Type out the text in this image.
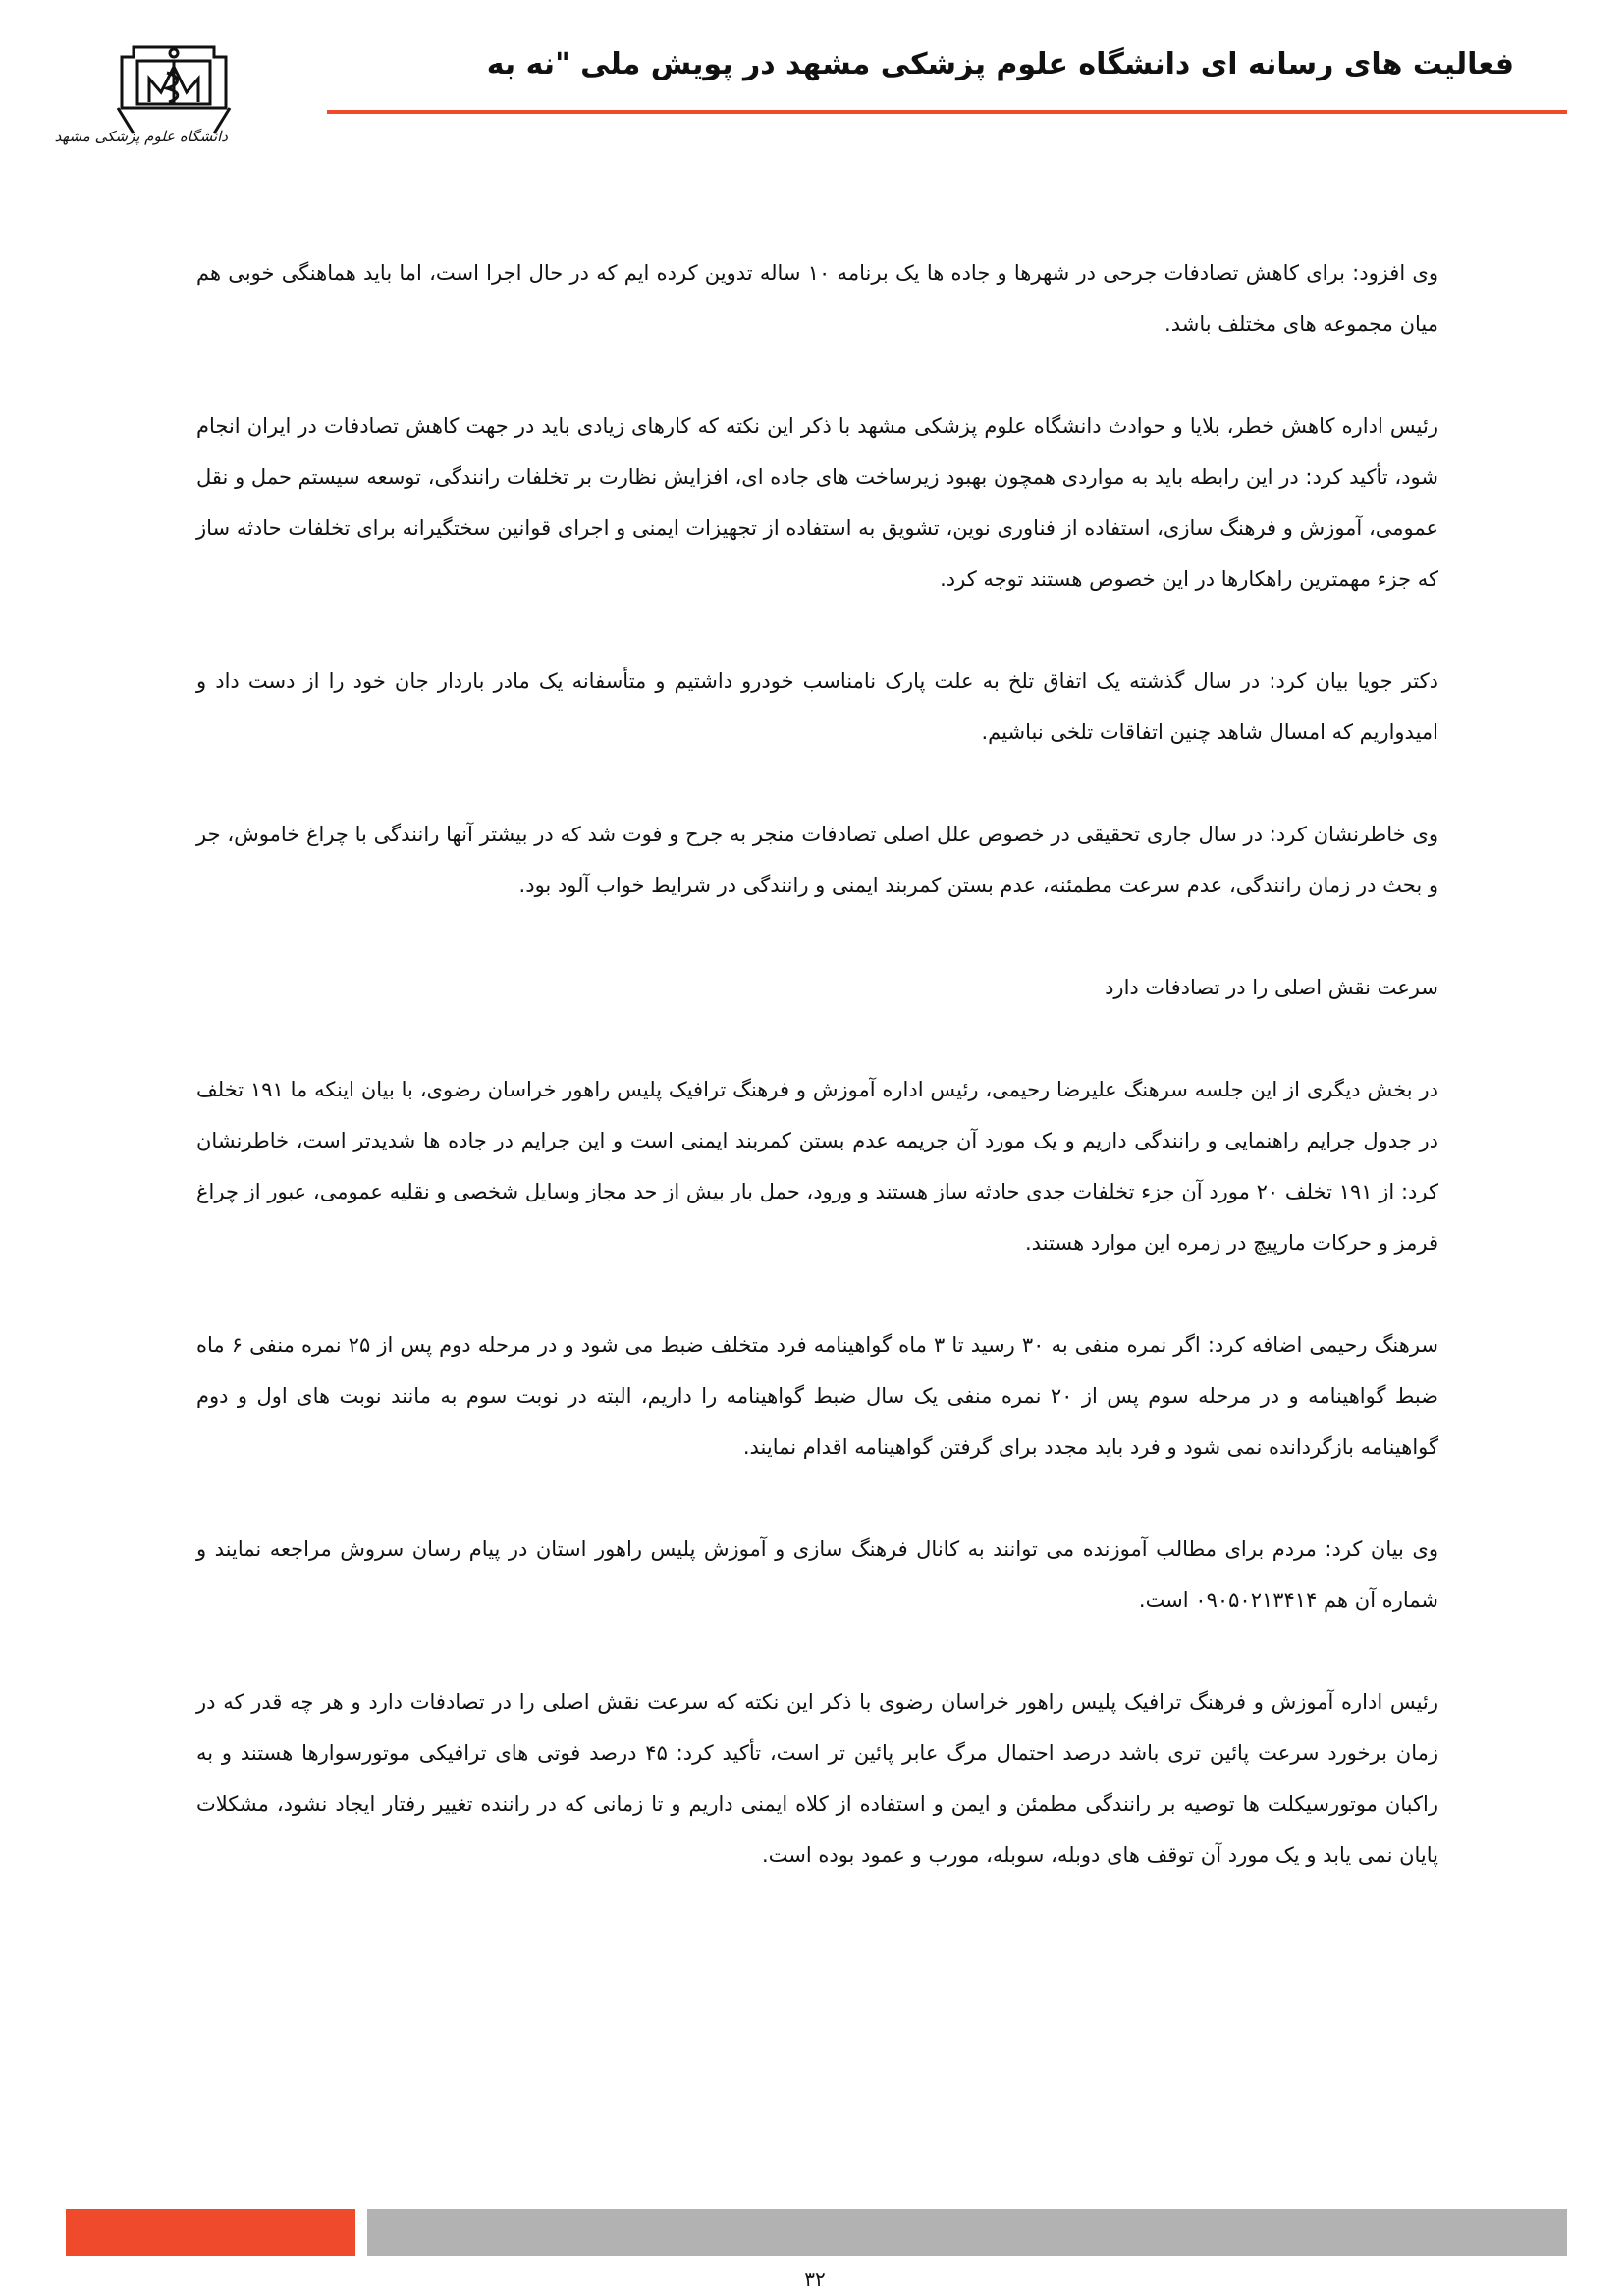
فعالیت های رسانه ای دانشگاه علوم پزشکی مشهد در پویش ملی "نه به
دانشگاه علوم پزشکی مشهد

وی افزود: برای کاهش تصادفات جرحی در شهرها و جاده ها یک برنامه ۱۰ ساله تدوین کرده ایم که در حال اجرا است، اما باید هماهنگی خوبی هم میان مجموعه های مختلف باشد.

رئیس اداره کاهش خطر، بلایا و حوادث دانشگاه علوم پزشکی مشهد با ذکر این نکته که کارهای زیادی باید در جهت کاهش تصادفات در ایران انجام شود، تأکید کرد: در این رابطه باید به مواردی همچون بهبود زیرساخت های جاده ای، افزایش نظارت بر تخلفات رانندگی، توسعه سیستم حمل و نقل عمومی، آموزش و فرهنگ سازی، استفاده از فناوری نوین، تشویق به استفاده از تجهیزات ایمنی و اجرای قوانین سختگیرانه برای تخلفات حادثه ساز که جزء مهمترین راهکارها در این خصوص هستند توجه کرد.

دکتر جویا بیان کرد: در سال گذشته یک اتفاق تلخ به علت پارک نامناسب خودرو داشتیم و متأسفانه یک مادر باردار جان خود را از دست داد و امیدواریم که امسال شاهد چنین اتفاقات تلخی نباشیم.

وی خاطرنشان کرد: در سال جاری تحقیقی در خصوص علل اصلی تصادفات منجر به جرح و فوت شد که در بیشتر آنها رانندگی با چراغ خاموش، جر و بحث در زمان رانندگی، عدم سرعت مطمئنه، عدم بستن کمربند ایمنی و رانندگی در شرایط خواب آلود بود.

سرعت نقش اصلی را در تصادفات دارد

در بخش دیگری از این جلسه سرهنگ علیرضا رحیمی، رئیس اداره آموزش و فرهنگ ترافیک پلیس راهور خراسان رضوی، با بیان اینکه ما ۱۹۱ تخلف در جدول جرایم راهنمایی و رانندگی داریم و یک مورد آن جریمه عدم بستن کمربند ایمنی است و این جرایم در جاده ها شدیدتر است، خاطرنشان کرد: از ۱۹۱ تخلف ۲۰ مورد آن جزء تخلفات جدی حادثه ساز هستند و ورود، حمل بار بیش از حد مجاز وسایل شخصی و نقلیه عمومی، عبور از چراغ قرمز و حرکات مارپیچ در زمره این موارد هستند.

سرهنگ رحیمی اضافه کرد: اگر نمره منفی به ۳۰ رسید تا ۳ ماه گواهینامه فرد متخلف ضبط می شود و در مرحله دوم پس از ۲۵ نمره منفی ۶ ماه ضبط گواهینامه و در مرحله سوم پس از ۲۰ نمره منفی یک سال ضبط گواهینامه را داریم، البته در نوبت سوم به مانند نوبت های اول و دوم گواهینامه بازگردانده نمی شود و فرد باید مجدد برای گرفتن گواهینامه اقدام نمایند.

وی بیان کرد: مردم برای مطالب آموزنده می توانند به کانال فرهنگ سازی و آموزش پلیس راهور استان در پیام رسان سروش مراجعه نمایند و شماره آن هم ۰۹۰۵۰۲۱۳۴۱۴ است.

رئیس اداره آموزش و فرهنگ ترافیک پلیس راهور خراسان رضوی با ذکر این نکته که سرعت نقش اصلی را در تصادفات دارد و هر چه قدر که در زمان برخورد سرعت پائین تری باشد درصد احتمال مرگ عابر پائین تر است، تأکید کرد: ۴۵ درصد فوتی های ترافیکی موتورسوارها هستند و به راکبان موتورسیکلت ها توصیه بر رانندگی مطمئن و ایمن و استفاده از کلاه ایمنی داریم و تا زمانی که در راننده تغییر رفتار ایجاد نشود، مشکلات پایان نمی یابد و یک مورد آن توقف های دوبله، سوبله، مورب و عمود بوده است.

۳۲
